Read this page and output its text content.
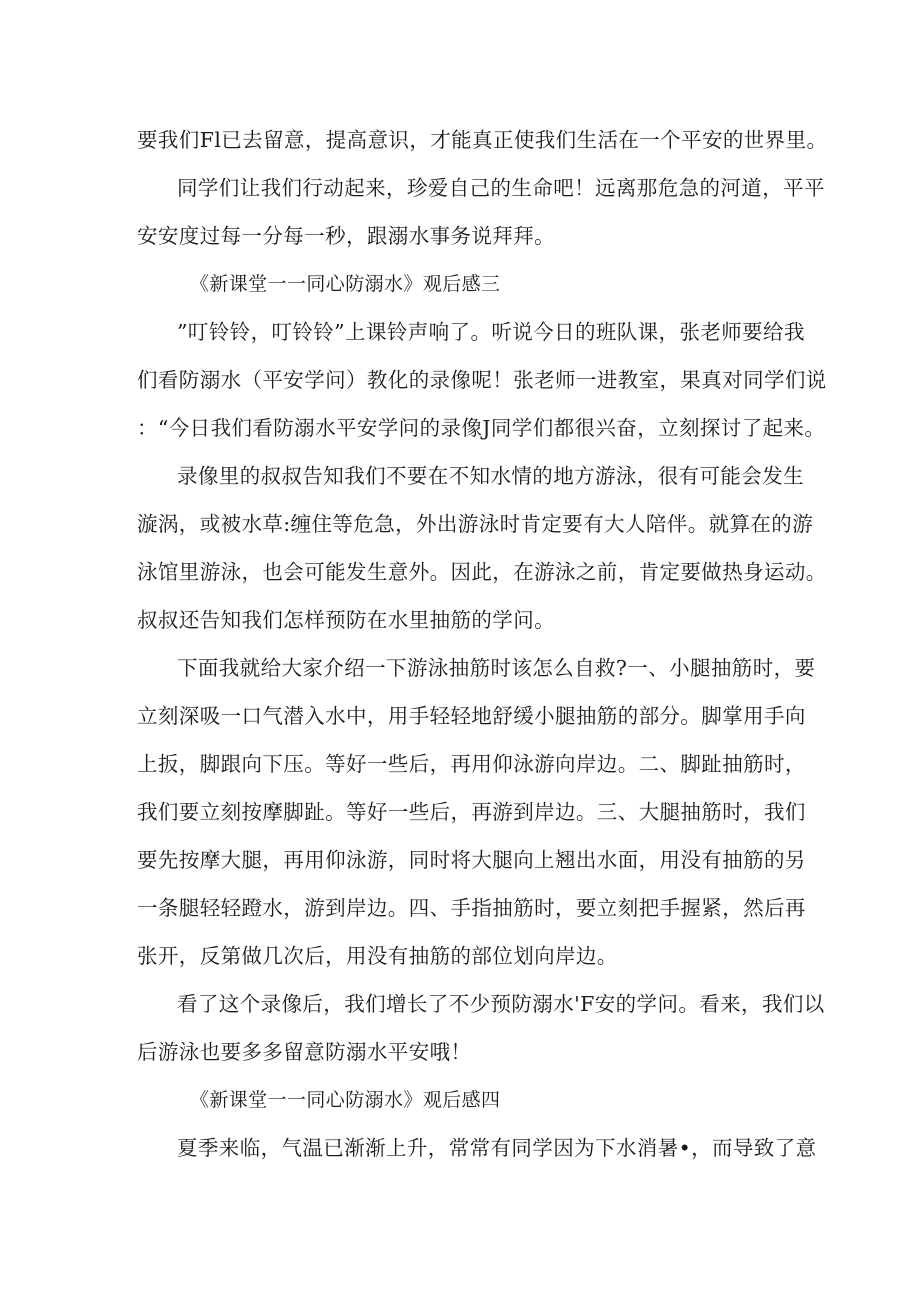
要我们Fl已去留意，提高意识，才能真正使我们生活在一个平安的世界里。
同学们让我们行动起来，珍爱自己的生命吧！远离那危急的河道，平平
安安度过每一分每一秒，跟溺水事务说拜拜。
《新课堂一一同心防溺水》观后感三
”叮铃铃，叮铃铃”上课铃声响了。听说今日的班队课，张老师要给我
们看防溺水（平安学问）教化的录像呢！张老师一进教室，果真对同学们说
：“今日我们看防溺水平安学问的录像J同学们都很兴奋，立刻探讨了起来。
录像里的叔叔告知我们不要在不知水情的地方游泳，很有可能会发生
漩涡，或被水草:缠住等危急，外出游泳时肯定要有大人陪伴。就算在的游
泳馆里游泳，也会可能发生意外。因此，在游泳之前，肯定要做热身运动。
叔叔还告知我们怎样预防在水里抽筋的学问。
下面我就给大家介绍一下游泳抽筋时该怎么自救?一、小腿抽筋时，要
立刻深吸一口气潜入水中，用手轻轻地舒缓小腿抽筋的部分。脚掌用手向
上扳，脚跟向下压。等好一些后，再用仰泳游向岸边。二、脚趾抽筋时，
我们要立刻按摩脚趾。等好一些后，再游到岸边。三、大腿抽筋时，我们
要先按摩大腿，再用仰泳游，同时将大腿向上翘出水面，用没有抽筋的另
一条腿轻轻蹬水，游到岸边。四、手指抽筋时，要立刻把手握紧，然后再
张开，反第做几次后，用没有抽筋的部位划向岸边。
看了这个录像后，我们增长了不少预防溺水'F安的学问。看来，我们以
后游泳也要多多留意防溺水平安哦！
《新课堂一一同心防溺水》观后感四
夏季来临，气温已渐渐上升，常常有同学因为下水消暑•，而导致了意
